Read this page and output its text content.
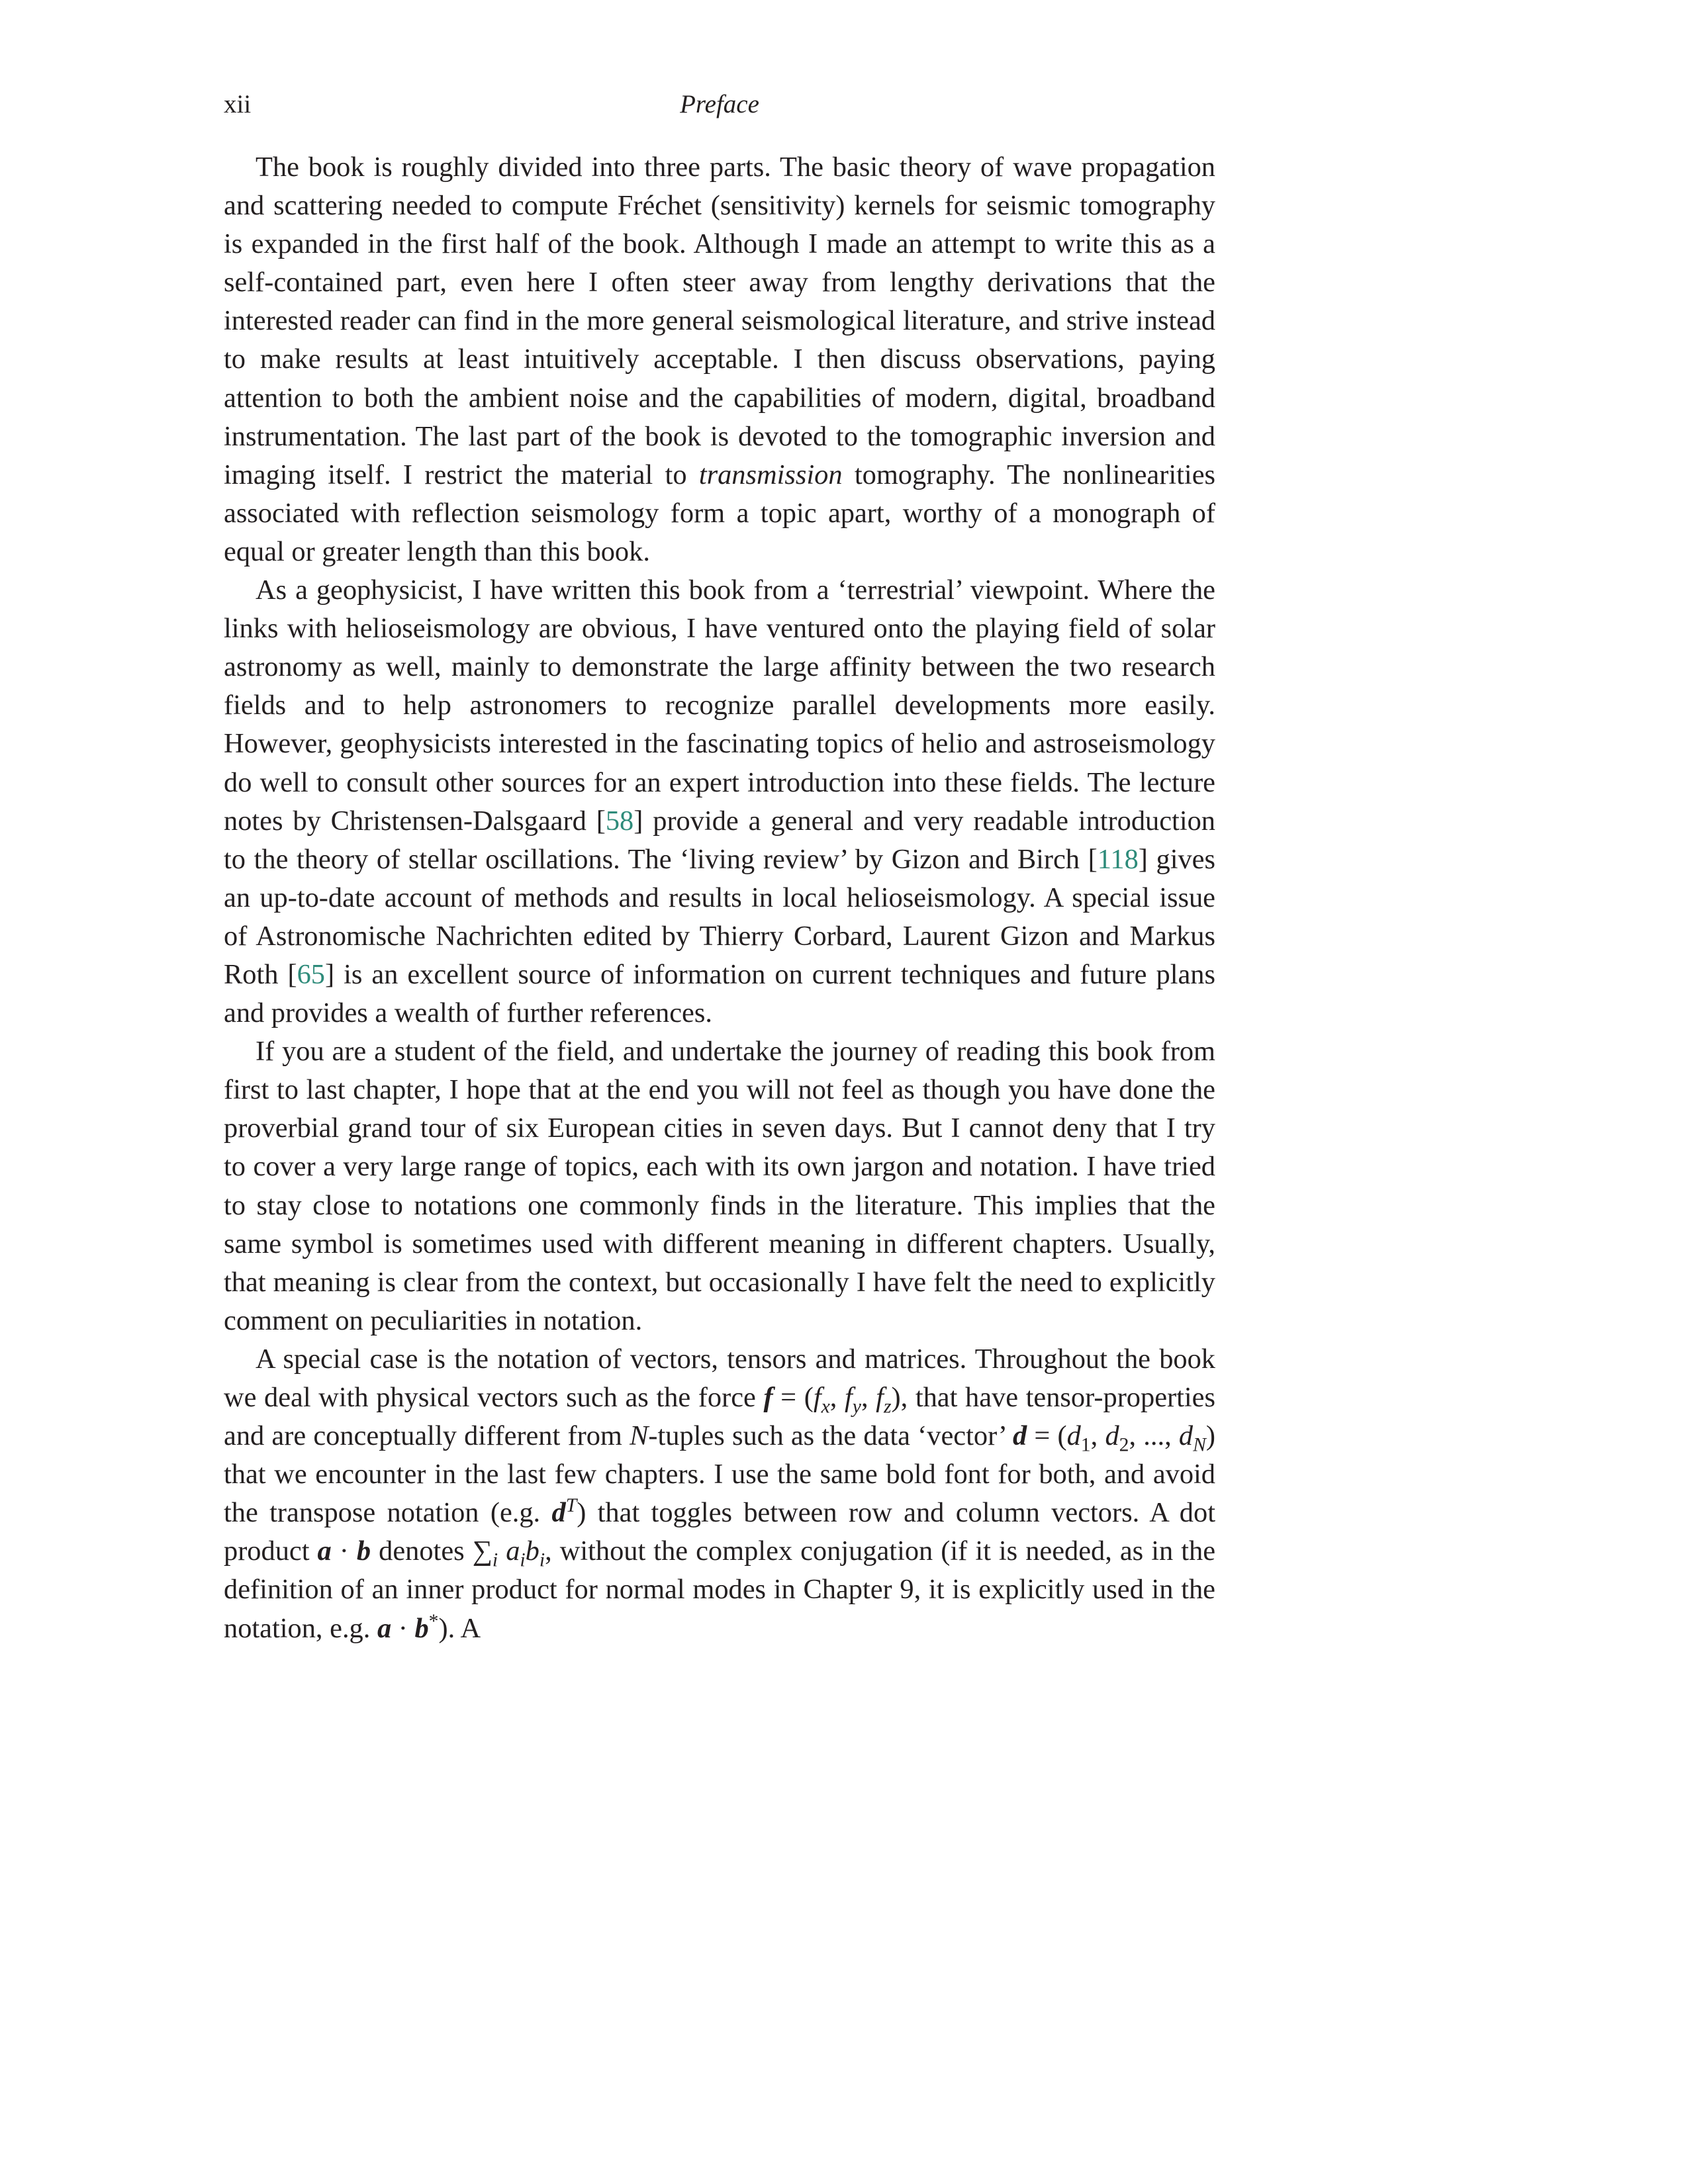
xii	Preface

The book is roughly divided into three parts. The basic theory of wave propagation and scattering needed to compute Fréchet (sensitivity) kernels for seismic tomography is expanded in the first half of the book. Although I made an attempt to write this as a self-contained part, even here I often steer away from lengthy derivations that the interested reader can find in the more general seismological literature, and strive instead to make results at least intuitively acceptable. I then discuss observations, paying attention to both the ambient noise and the capabilities of modern, digital, broadband instrumentation. The last part of the book is devoted to the tomographic inversion and imaging itself. I restrict the material to transmission tomography. The nonlinearities associated with reflection seismology form a topic apart, worthy of a monograph of equal or greater length than this book.

As a geophysicist, I have written this book from a ‘terrestrial’ viewpoint. Where the links with helioseismology are obvious, I have ventured onto the playing field of solar astronomy as well, mainly to demonstrate the large affinity between the two research fields and to help astronomers to recognize parallel developments more easily. However, geophysicists interested in the fascinating topics of helio and astroseismology do well to consult other sources for an expert introduction into these fields. The lecture notes by Christensen-Dalsgaard [58] provide a general and very readable introduction to the theory of stellar oscillations. The ‘living review’ by Gizon and Birch [118] gives an up-to-date account of methods and results in local helioseismology. A special issue of Astronomische Nachrichten edited by Thierry Corbard, Laurent Gizon and Markus Roth [65] is an excellent source of information on current techniques and future plans and provides a wealth of further references.

If you are a student of the field, and undertake the journey of reading this book from first to last chapter, I hope that at the end you will not feel as though you have done the proverbial grand tour of six European cities in seven days. But I cannot deny that I try to cover a very large range of topics, each with its own jargon and notation. I have tried to stay close to notations one commonly finds in the literature. This implies that the same symbol is sometimes used with different meaning in different chapters. Usually, that meaning is clear from the context, but occasionally I have felt the need to explicitly comment on peculiarities in notation.

A special case is the notation of vectors, tensors and matrices. Throughout the book we deal with physical vectors such as the force $f = (f_x$, $f_y$, $f_z$), that have tensor-properties and are conceptually different from N-tuples such as the data ‘vector’ $d = (d_1$, $d_2$, ..., $d_N$) that we encounter in the last few chapters. I use the same bold font for both, and avoid the transpose notation (e.g. $d^T$) that toggles between row and column vectors. A dot product a · b denotes $\sum_i$ $a_ib_i$, without the complex conjugation (if it is needed, as in the definition of an inner product for normal modes in Chapter 9, it is explicitly used in the notation, e.g. a · b*). A
